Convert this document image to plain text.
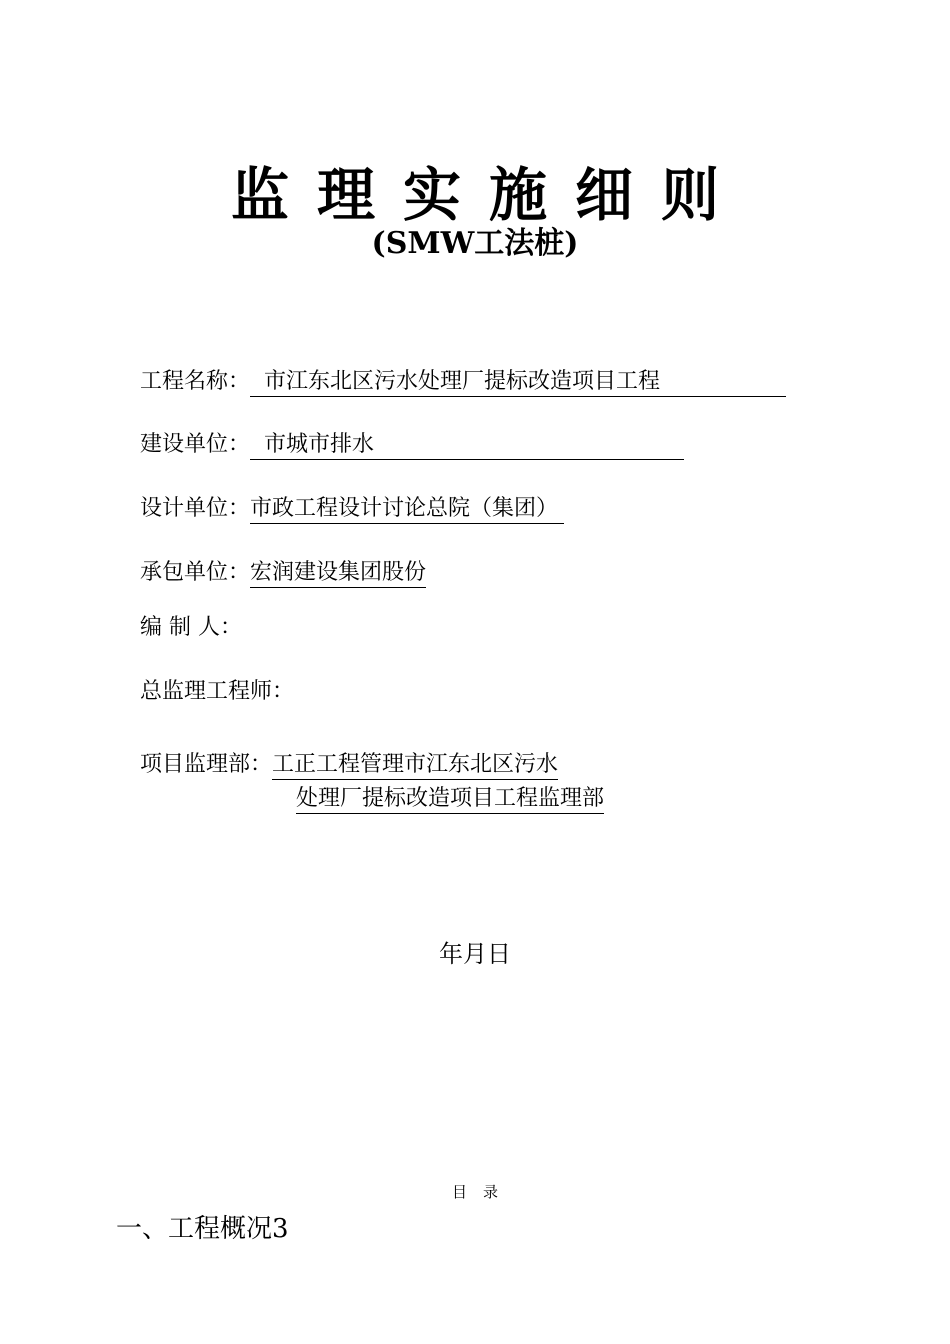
监理实施细则
(SMW工法桩)
工程名称： 市江东北区污水处理厂提标改造项目工程
建设单位： 市城市排水
设计单位：市政工程设计讨论总院（集团）
承包单位：宏润建设集团股份
编 制 人：
总监理工程师：
项目监理部：工正工程管理市江东北区污水
处理厂提标改造项目工程监理部
年月日
目录
一、工程概况3
